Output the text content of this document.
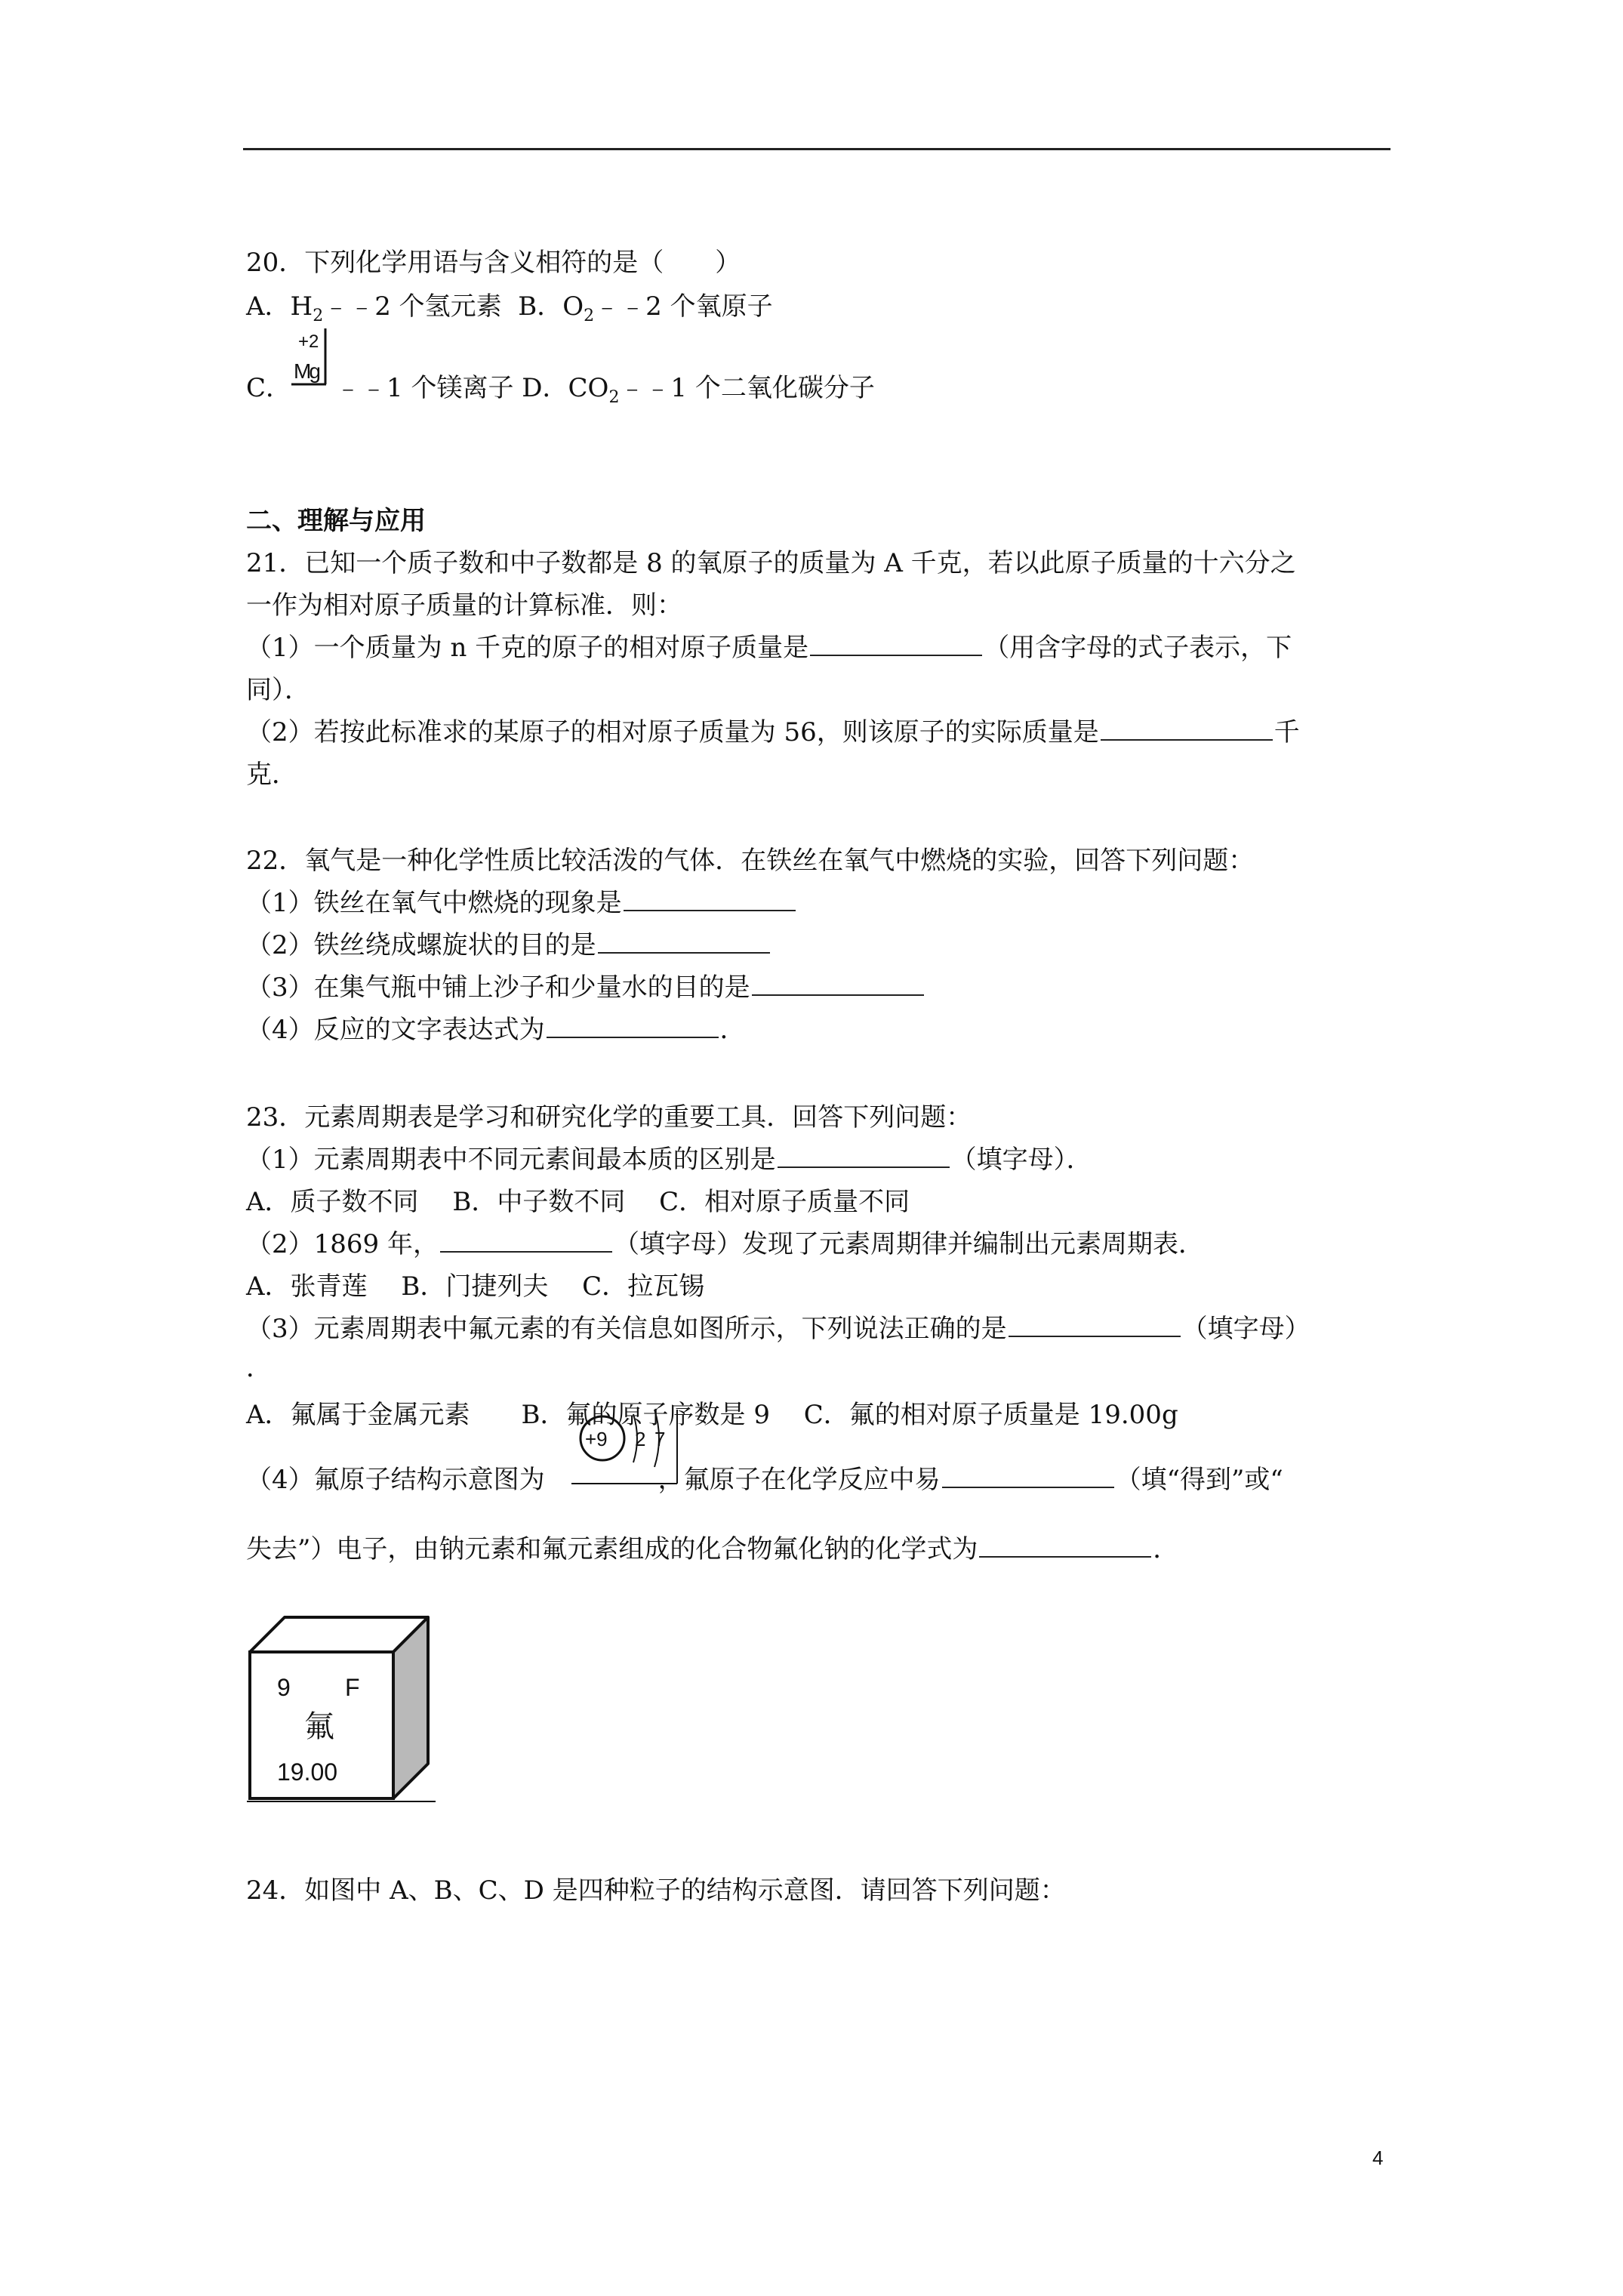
20．下列化学用语与含义相符的是（　　）
A．$H_2﹣﹣2$ 个氢元素 B．$O_2﹣﹣2$ 个氧原子
+2
Mg
C． ﹣﹣1 个镁离子 D．$CO_2﹣﹣1$ 个二氧化碳分子
二、理解与应用
21．已知一个质子数和中子数都是 8 的氧原子的质量为 A 千克，若以此原子质量的十六分之
一作为相对原子质量的计算标准．则：
（1）一个质量为 n 千克的原子的相对原子质量是	（用含字母的式子表示，下
同）．
（2）若按此标准求的某原子的相对原子质量为 56，则该原子的实际质量是	千
克．
22．氧气是一种化学性质比较活泼的气体．在铁丝在氧气中燃烧的实验，回答下列问题：
（1）铁丝在氧气中燃烧的现象是
（2）铁丝绕成螺旋状的目的是
（3）在集气瓶中铺上沙子和少量水的目的是
（4）反应的文字表达式为	．
23．元素周期表是学习和研究化学的重要工具．回答下列问题：
（1）元素周期表中不同元素间最本质的区别是	（填字母）．
A．质子数不同　 B．中子数不同　 C．相对原子质量不同
（2）1869 年，	（填字母）发现了元素周期律并编制出元素周期表．
A．张青莲　 B．门捷列夫　 C．拉瓦锡
（3）元素周期表中氟元素的有关信息如图所示，下列说法正确的是	（填字母）
．
A．氟属于金属元素　　B．氟的原子序数是 9　 C．氟的相对原子质量是 19.00g
+9 2 7
（4）氟原子结构示意图为	，氟原子在化学反应中易	（填“得到”或“
失去”）电子，由钠元素和氟元素组成的化合物氟化钠的化学式为	．
9 F
氟
19.00
24．如图中 A、B、C、D 是四种粒子的结构示意图．请回答下列问题：
4
